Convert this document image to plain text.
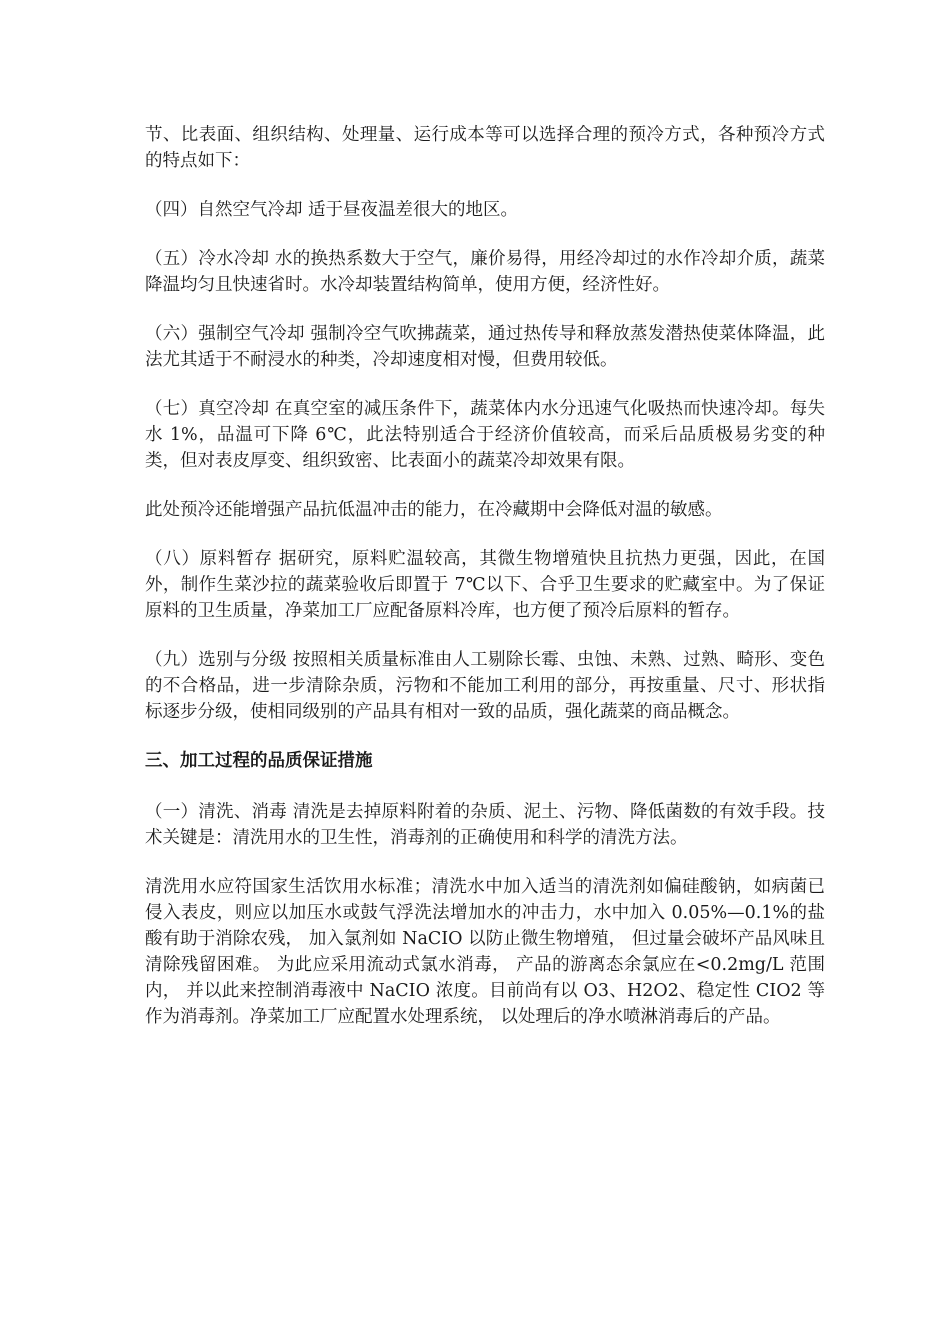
节、比表面、组织结构、处理量、运行成本等可以选择合理的预冷方式，各种预冷方式的特点如下：

（四）自然空气冷却 适于昼夜温差很大的地区。

（五）冷水冷却 水的换热系数大于空气，廉价易得，用经冷却过的水作冷却介质，蔬菜降温均匀且快速省时。水冷却装置结构简单，使用方便，经济性好。

（六）强制空气冷却 强制冷空气吹拂蔬菜，通过热传导和释放蒸发潜热使菜体降温，此法尤其适于不耐浸水的种类，冷却速度相对慢，但费用较低。

（七）真空冷却 在真空室的减压条件下，蔬菜体内水分迅速气化吸热而快速冷却。每失水 1%，品温可下降 6℃，此法特别适合于经济价值较高，而采后品质极易劣变的种类，但对表皮厚变、组织致密、比表面小的蔬菜冷却效果有限。

此处预冷还能增强产品抗低温冲击的能力，在冷藏期中会降低对温的敏感。

（八）原料暂存 据研究，原料贮温较高，其微生物增殖快且抗热力更强，因此，在国外，制作生菜沙拉的蔬菜验收后即置于 7℃以下、合乎卫生要求的贮藏室中。为了保证原料的卫生质量，净菜加工厂应配备原料冷库，也方便了预冷后原料的暂存。

（九）选别与分级 按照相关质量标准由人工剔除长霉、虫蚀、未熟、过熟、畸形、变色的不合格品，进一步清除杂质，污物和不能加工利用的部分，再按重量、尺寸、形状指标逐步分级，使相同级别的产品具有相对一致的品质，强化蔬菜的商品概念。

三、加工过程的品质保证措施

（一）清洗、消毒 清洗是去掉原料附着的杂质、泥土、污物、降低菌数的有效手段。技术关键是：清洗用水的卫生性，消毒剂的正确使用和科学的清洗方法。

清洗用水应符国家生活饮用水标准；清洗水中加入适当的清洗剂如偏硅酸钠，如病菌已侵入表皮，则应以加压水或鼓气浮洗法增加水的冲击力，水中加入 0.05%—0.1%的盐酸有助于消除农残， 加入氯剂如 NaCIO 以防止微生物增殖， 但过量会破坏产品风味且清除残留困难。 为此应采用流动式氯水消毒， 产品的游离态余氯应在<0.2mg/L 范围内， 并以此来控制消毒液中 NaCIO 浓度。目前尚有以 O3、H2O2、稳定性 CIO2 等作为消毒剂。净菜加工厂应配置水处理系统， 以处理后的净水喷淋消毒后的产品。
